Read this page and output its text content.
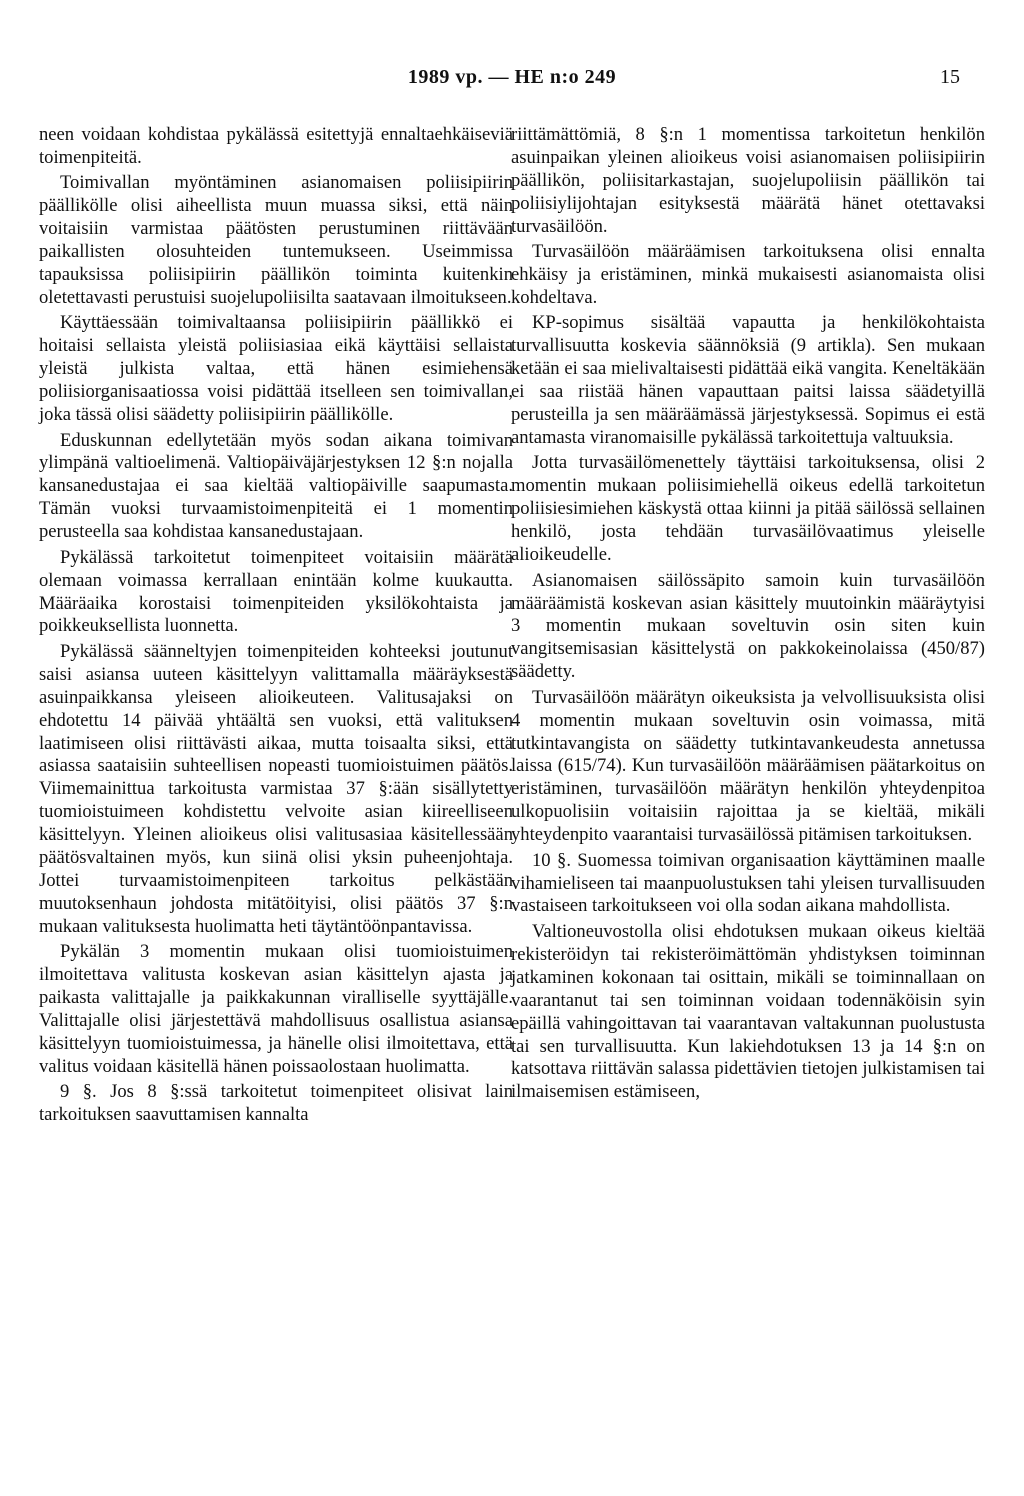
1989 vp. — HE n:o 249	15

neen voidaan kohdistaa pykälässä esitettyjä ennaltaehkäiseviä toimenpiteitä.

Toimivallan myöntäminen asianomaisen poliisipiirin päällikölle olisi aiheellista muun muassa siksi, että näin voitaisiin varmistaa päätösten perustuminen riittävään paikallisten olosuhteiden tuntemukseen. Useimmissa tapauksissa poliisipiirin päällikön toiminta kuitenkin oletettavasti perustuisi suojelupoliisilta saatavaan ilmoitukseen.

Käyttäessään toimivaltaansa poliisipiirin päällikkö ei hoitaisi sellaista yleistä poliisiasiaa eikä käyttäisi sellaista yleistä julkista valtaa, että hänen esimiehensä poliisiorganisaatiossa voisi pidättää itselleen sen toimivallan, joka tässä olisi säädetty poliisipiirin päällikölle.

Eduskunnan edellytetään myös sodan aikana toimivan ylimpänä valtioelimenä. Valtiopäiväjärjestyksen 12 §:n nojalla kansanedustajaa ei saa kieltää valtiopäiville saapumasta. Tämän vuoksi turvaamistoimenpiteitä ei 1 momentin perusteella saa kohdistaa kansanedustajaan.

Pykälässä tarkoitetut toimenpiteet voitaisiin määrätä olemaan voimassa kerrallaan enintään kolme kuukautta. Määräaika korostaisi toimenpiteiden yksilökohtaista ja poikkeuksellista luonnetta.

Pykälässä säänneltyjen toimenpiteiden kohteeksi joutunut saisi asiansa uuteen käsittelyyn valittamalla määräyksestä asuinpaikkansa yleiseen alioikeuteen. Valitusajaksi on ehdotettu 14 päivää yhtäältä sen vuoksi, että valituksen laatimiseen olisi riittävästi aikaa, mutta toisaalta siksi, että asiassa saataisiin suhteellisen nopeasti tuomioistuimen päätös. Viimemainittua tarkoitusta varmistaa 37 §:ään sisällytetty tuomioistuimeen kohdistettu velvoite asian kiireelliseen käsittelyyn. Yleinen alioikeus olisi valitusasiaa käsitellessään päätösvaltainen myös, kun siinä olisi yksin puheenjohtaja. Jottei turvaamistoimenpiteen tarkoitus pelkästään muutoksenhaun johdosta mitätöityisi, olisi päätös 37 §:n mukaan valituksesta huolimatta heti täytäntöönpantavissa.

Pykälän 3 momentin mukaan olisi tuomioistuimen ilmoitettava valitusta koskevan asian käsittelyn ajasta ja paikasta valittajalle ja paikkakunnan viralliselle syyttäjälle. Valittajalle olisi järjestettävä mahdollisuus osallistua asiansa käsittelyyn tuomioistuimessa, ja hänelle olisi ilmoitettava, että valitus voidaan käsitellä hänen poissaolostaan huolimatta.

9 §. Jos 8 §:ssä tarkoitetut toimenpiteet olisivat lain tarkoituksen saavuttamisen kannalta

riittämättömiä, 8 §:n 1 momentissa tarkoitetun henkilön asuinpaikan yleinen alioikeus voisi asianomaisen poliisipiirin päällikön, poliisitarkastajan, suojelupoliisin päällikön tai poliisiylijohtajan esityksestä määrätä hänet otettavaksi turvasäilöön.

Turvasäilöön määräämisen tarkoituksena olisi ennalta ehkäisy ja eristäminen, minkä mukaisesti asianomaista olisi kohdeltava.

KP-sopimus sisältää vapautta ja henkilökohtaista turvallisuutta koskevia säännöksiä (9 artikla). Sen mukaan ketään ei saa mielivaltaisesti pidättää eikä vangita. Keneltäkään ei saa riistää hänen vapauttaan paitsi laissa säädetyillä perusteilla ja sen määräämässä järjestyksessä. Sopimus ei estä antamasta viranomaisille pykälässä tarkoitettuja valtuuksia.

Jotta turvasäilömenettely täyttäisi tarkoituksensa, olisi 2 momentin mukaan poliisimiehellä oikeus edellä tarkoitetun poliisiesimiehen käskystä ottaa kiinni ja pitää säilössä sellainen henkilö, josta tehdään turvasäilövaatimus yleiselle alioikeudelle.

Asianomaisen säilössäpito samoin kuin turvasäilöön määräämistä koskevan asian käsittely muutoinkin määräytyisi 3 momentin mukaan soveltuvin osin siten kuin vangitsemisasian käsittelystä on pakkokeinolaissa (450/87) säädetty.

Turvasäilöön määrätyn oikeuksista ja velvollisuuksista olisi 4 momentin mukaan soveltuvin osin voimassa, mitä tutkintavangista on säädetty tutkintavankeudesta annetussa laissa (615/74). Kun turvasäilöön määräämisen päätarkoitus on eristäminen, turvasäilöön määrätyn henkilön yhteydenpitoa ulkopuolisiin voitaisiin rajoittaa ja se kieltää, mikäli yhteydenpito vaarantaisi turvasäilössä pitämisen tarkoituksen.

10 §. Suomessa toimivan organisaation käyttäminen maalle vihamieliseen tai maanpuolustuksen tahi yleisen turvallisuuden vastaiseen tarkoitukseen voi olla sodan aikana mahdollista.

Valtioneuvostolla olisi ehdotuksen mukaan oikeus kieltää rekisteröidyn tai rekisteröimättömän yhdistyksen toiminnan jatkaminen kokonaan tai osittain, mikäli se toiminnallaan on vaarantanut tai sen toiminnan voidaan todennäköisin syin epäillä vahingoittavan tai vaarantavan valtakunnan puolustusta tai sen turvallisuutta. Kun lakiehdotuksen 13 ja 14 §:n on katsottava riittävän salassa pidettävien tietojen julkistamisen tai ilmaisemisen estämiseen,
